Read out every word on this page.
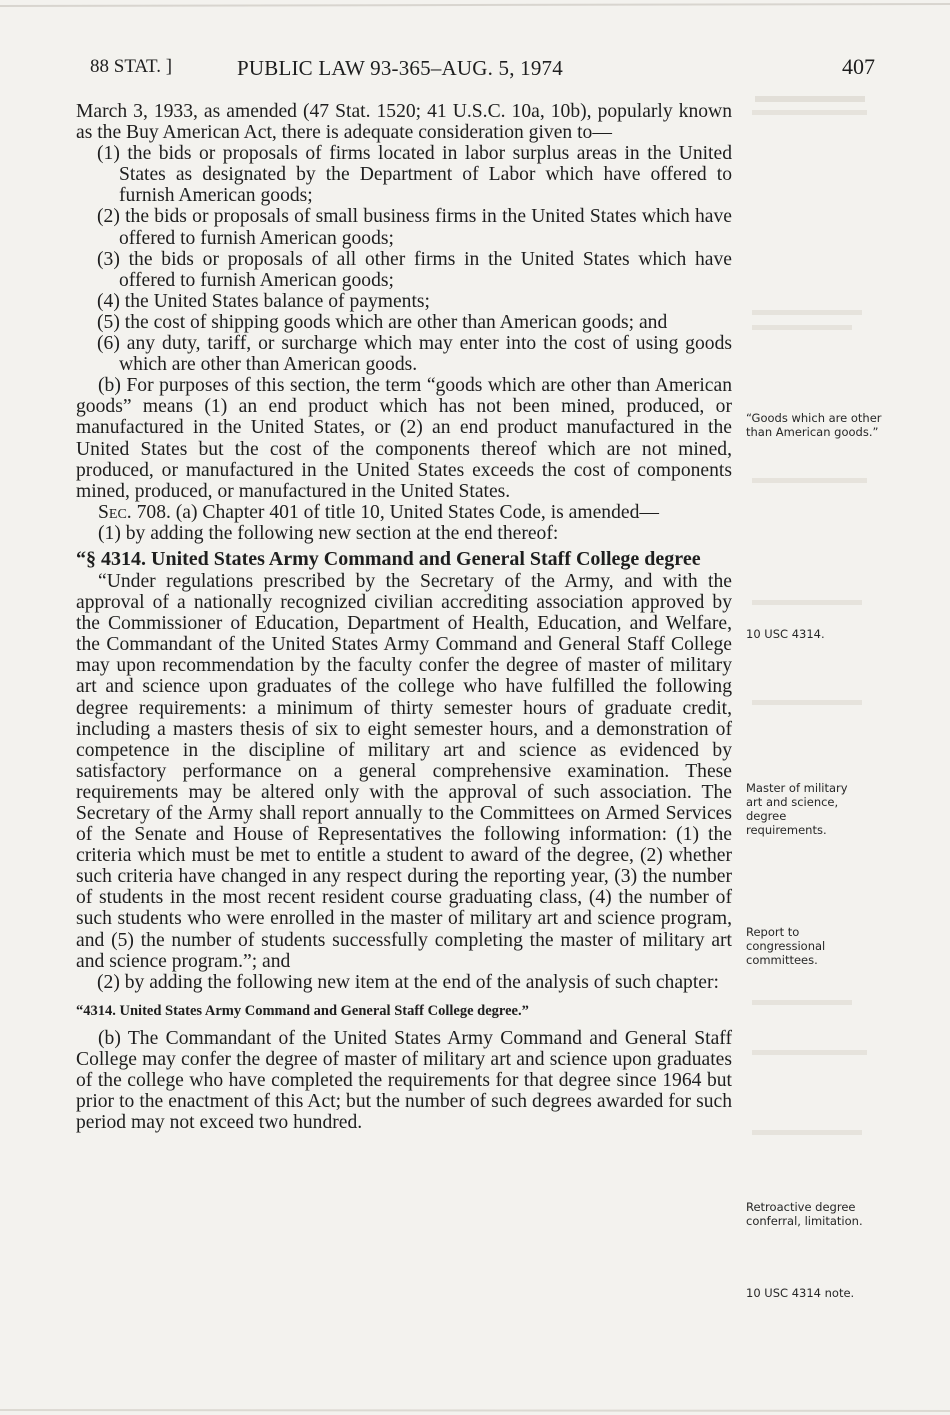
88 STAT. ]	PUBLIC LAW 93-365–AUG. 5, 1974	407

March 3, 1933, as amended (47 Stat. 1520; 41 U.S.C. 10a, 10b), popularly known as the Buy American Act, there is adequate consideration given to—

(1) the bids or proposals of firms located in labor surplus areas in the United States as designated by the Department of Labor which have offered to furnish American goods;

(2) the bids or proposals of small business firms in the United States which have offered to furnish American goods;

(3) the bids or proposals of all other firms in the United States which have offered to furnish American goods;

(4) the United States balance of payments;

(5) the cost of shipping goods which are other than American goods; and

(6) any duty, tariff, or surcharge which may enter into the cost of using goods which are other than American goods.

(b) For purposes of this section, the term “goods which are other than American goods” means (1) an end product which has not been mined, produced, or manufactured in the United States, or (2) an end product manufactured in the United States but the cost of the components thereof which are not mined, produced, or manufactured in the United States exceeds the cost of components mined, produced, or manufactured in the United States.

Sec. 708. (a) Chapter 401 of title 10, United States Code, is amended—

(1) by adding the following new section at the end thereof:

“§ 4314. United States Army Command and General Staff College degree

“Under regulations prescribed by the Secretary of the Army, and with the approval of a nationally recognized civilian accrediting association approved by the Commissioner of Education, Department of Health, Education, and Welfare, the Commandant of the United States Army Command and General Staff College may upon recommendation by the faculty confer the degree of master of military art and science upon graduates of the college who have fulfilled the following degree requirements: a minimum of thirty semester hours of graduate credit, including a masters thesis of six to eight semester hours, and a demonstration of competence in the discipline of military art and science as evidenced by satisfactory performance on a general comprehensive examination. These requirements may be altered only with the approval of such association. The Secretary of the Army shall report annually to the Committees on Armed Services of the Senate and House of Representatives the following information: (1) the criteria which must be met to entitle a student to award of the degree, (2) whether such criteria have changed in any respect during the reporting year, (3) the number of students in the most recent resident course graduating class, (4) the number of such students who were enrolled in the master of military art and science program, and (5) the number of students successfully completing the master of military art and science program.”; and

(2) by adding the following new item at the end of the analysis of such chapter:

“4314. United States Army Command and General Staff College degree.”

(b) The Commandant of the United States Army Command and General Staff College may confer the degree of master of military art and science upon graduates of the college who have completed the requirements for that degree since 1964 but prior to the enactment of this Act; but the number of such degrees awarded for such period may not exceed two hundred.

“Goods which are other than American goods.”
10 USC 4314.
Master of military art and science, degree requirements.
Report to congressional committees.
Retroactive degree conferral, limitation.
10 USC 4314 note.
